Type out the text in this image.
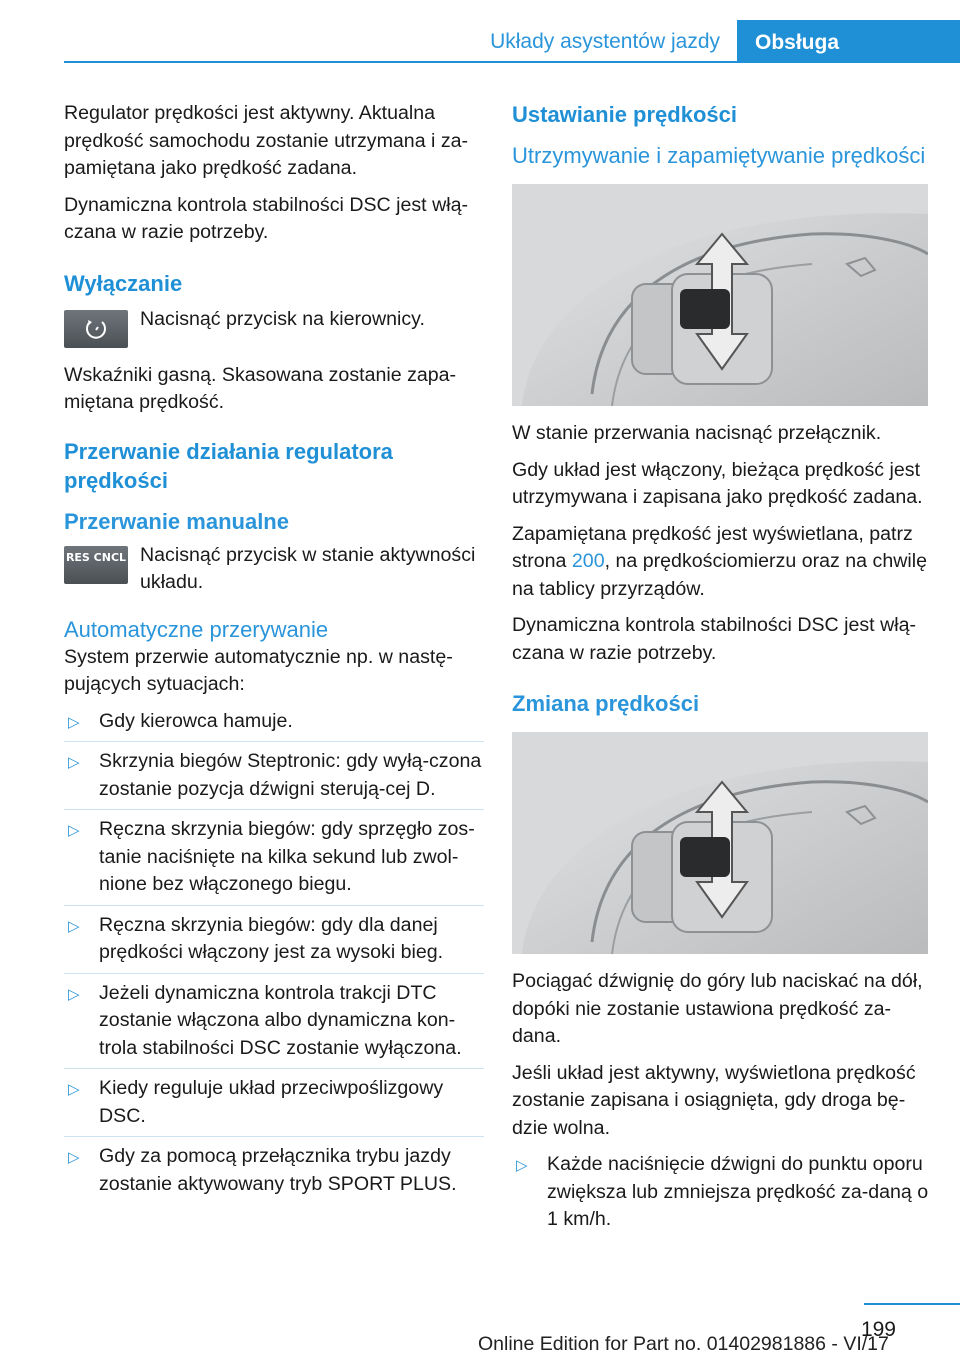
Układy asystentów jazdy	Obsługa

Regulator prędkości jest aktywny. Aktualna prędkość samochodu zostanie utrzymana i za-pamiętana jako prędkość zadana.

Dynamiczna kontrola stabilności DSC jest włą-czana w razie potrzeby.

Wyłączanie
Nacisnąć przycisk na kierownicy.

Wskaźniki gasną. Skasowana zostanie zapa-miętana prędkość.

Przerwanie działania regulatora prędkości
Przerwanie manualne
RES CNCL Nacisnąć przycisk w stanie aktywności układu.
Automatyczne przerywanie

System przerwie automatycznie np. w nastę-pujących sytuacjach:

▷ Gdy kierowca hamuje.
▷ Skrzynia biegów Steptronic: gdy wyłą-czona zostanie pozycja dźwigni sterują-cej D.
▷ Ręczna skrzynia biegów: gdy sprzęgło zos-tanie naciśnięte na kilka sekund lub zwol-nione bez włączonego biegu.
▷ Ręczna skrzynia biegów: gdy dla danej prędkości włączony jest za wysoki bieg.
▷ Jeżeli dynamiczna kontrola trakcji DTC zostanie włączona albo dynamiczna kon-trola stabilności DSC zostanie wyłączona.
▷ Kiedy reguluje układ przeciwpoślizgowy DSC.
▷ Gdy za pomocą przełącznika trybu jazdy zostanie aktywowany tryb SPORT PLUS.
Ustawianie prędkości
Utrzymywanie i zapamiętywanie prędkości

W stanie przerwania nacisnąć przełącznik.

Gdy układ jest włączony, bieżąca prędkość jest utrzymywana i zapisana jako prędkość zadana.

Zapamiętana prędkość jest wyświetlana, patrz strona 200, na prędkościomierzu oraz na chwilę na tablicy przyrządów.

Dynamiczna kontrola stabilności DSC jest włą-czana w razie potrzeby.

Zmiana prędkości

Pociągać dźwignię do góry lub naciskać na dół, dopóki nie zostanie ustawiona prędkość za-dana.

Jeśli układ jest aktywny, wyświetlona prędkość zostanie zapisana i osiągnięta, gdy droga bę-dzie wolna.

▷ Każde naciśnięcie dźwigni do punktu oporu zwiększa lub zmniejsza prędkość za-daną o 1 km/h.
199
Online Edition for Part no. 01402981886 - VI/17
